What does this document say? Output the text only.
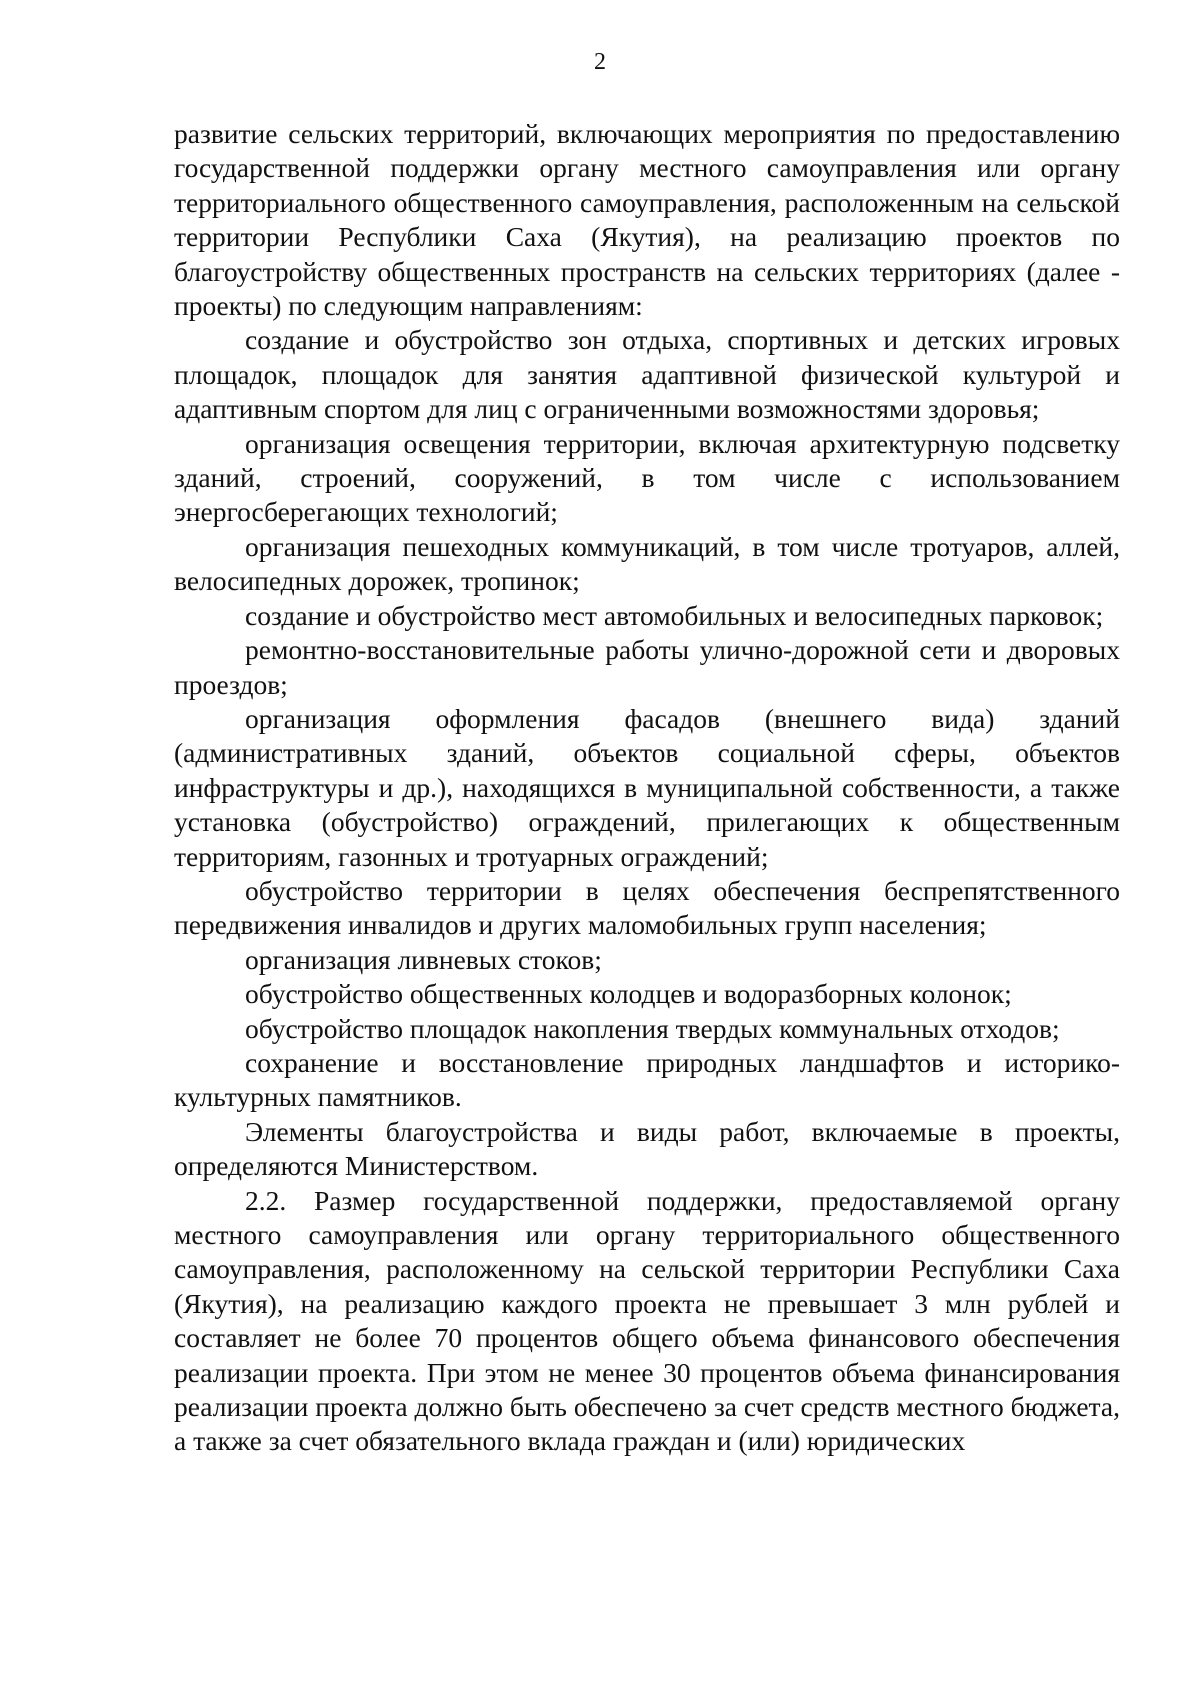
2

развитие сельских территорий, включающих мероприятия по предоставлению государственной поддержки органу местного самоуправления или органу территориального общественного самоуправления, расположенным на сельской территории Республики Саха (Якутия), на реализацию проектов по благоустройству общественных пространств на сельских территориях (далее - проекты) по следующим направлениям:

создание и обустройство зон отдыха, спортивных и детских игровых площадок, площадок для занятия адаптивной физической культурой и адаптивным спортом для лиц с ограниченными возможностями здоровья;

организация освещения территории, включая архитектурную подсветку зданий, строений, сооружений, в том числе с использованием энергосберегающих технологий;

организация пешеходных коммуникаций, в том числе тротуаров, аллей, велосипедных дорожек, тропинок;

создание и обустройство мест автомобильных и велосипедных парковок;

ремонтно-восстановительные работы улично-дорожной сети и дворовых проездов;

организация оформления фасадов (внешнего вида) зданий (административных зданий, объектов социальной сферы, объектов инфраструктуры и др.), находящихся в муниципальной собственности, а также установка (обустройство) ограждений, прилегающих к общественным территориям, газонных и тротуарных ограждений;

обустройство территории в целях обеспечения беспрепятственного передвижения инвалидов и других маломобильных групп населения;

организация ливневых стоков;

обустройство общественных колодцев и водоразборных колонок;

обустройство площадок накопления твердых коммунальных отходов;

сохранение и восстановление природных ландшафтов и историко-культурных памятников.

Элементы благоустройства и виды работ, включаемые в проекты, определяются Министерством.

2.2. Размер государственной поддержки, предоставляемой органу местного самоуправления или органу территориального общественного самоуправления, расположенному на сельской территории Республики Саха (Якутия), на реализацию каждого проекта не превышает 3 млн рублей и составляет не более 70 процентов общего объема финансового обеспечения реализации проекта. При этом не менее 30 процентов объема финансирования реализации проекта должно быть обеспечено за счет средств местного бюджета, а также за счет обязательного вклада граждан и (или) юридических
